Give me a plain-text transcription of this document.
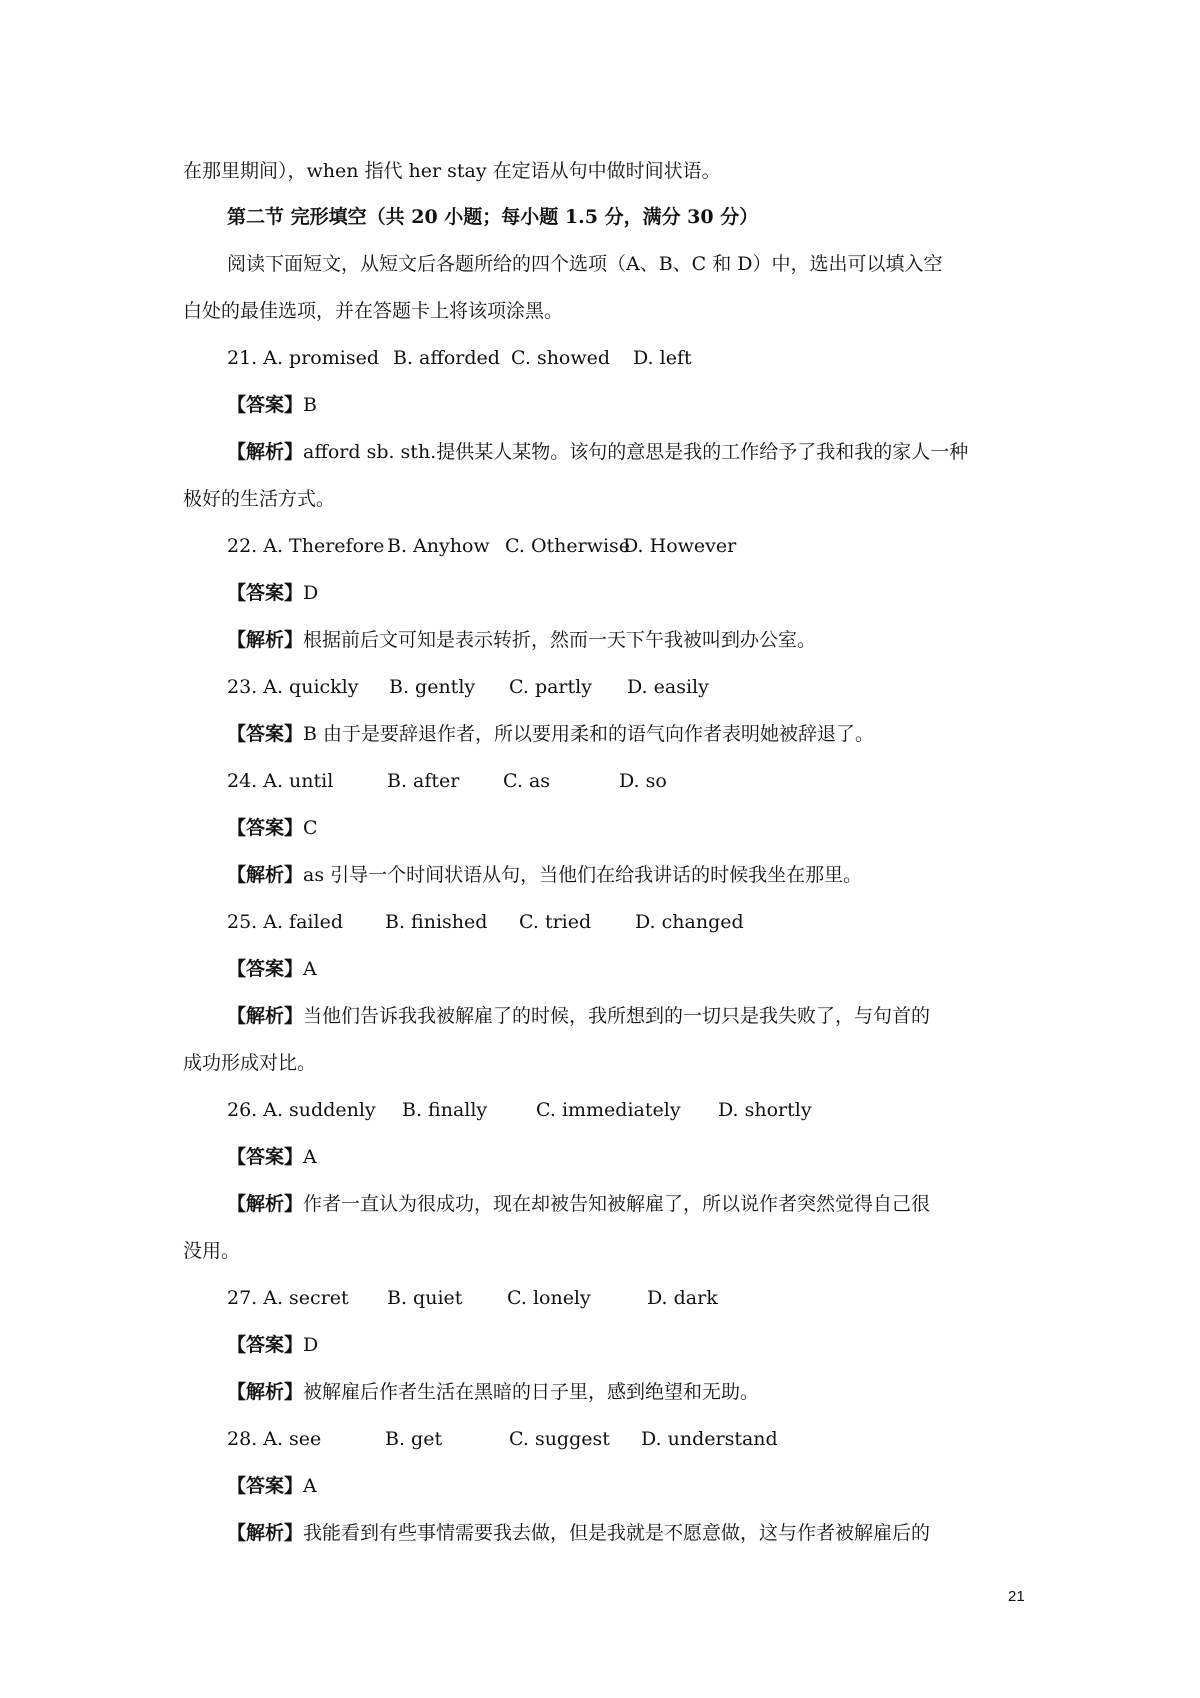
在那里期间），when 指代 her stay 在定语从句中做时间状语。
第二节 完形填空（共 20 小题；每小题 1.5 分，满分 30 分）
阅读下面短文，从短文后各题所给的四个选项（A、B、C 和 D）中，选出可以填入空
白处的最佳选项，并在答题卡上将该项涂黑。
21. A. promised B. afforded C. showed D. left
【答案】B
【解析】afford sb. sth.提供某人某物。该句的意思是我的工作给予了我和我的家人一种
极好的生活方式。
22. A. Therefore B. Anyhow C. OtherwiseD. However
【答案】D
【解析】根据前后文可知是表示转折，然而一天下午我被叫到办公室。
23. A. quickly B. gently C. partly D. easily
【答案】B 由于是要辞退作者，所以要用柔和的语气向作者表明她被辞退了。
24. A. until	B. after C. as	D. so
【答案】C
【解析】as 引导一个时间状语从句，当他们在给我讲话的时候我坐在那里。
25. A. failed B. finished C. tried D. changed
【答案】A
【解析】当他们告诉我我被解雇了的时候，我所想到的一切只是我失败了，与句首的
成功形成对比。
26. A. suddenly B. finally	C. immediately D. shortly
【答案】A
【解析】作者一直认为很成功，现在却被告知被解雇了，所以说作者突然觉得自己很
没用。
27. A. secret B. quiet C. lonely	D. dark
【答案】D
【解析】被解雇后作者生活在黑暗的日子里，感到绝望和无助。
28. A. see	B. get	C. suggest D. understand
【答案】A
【解析】我能看到有些事情需要我去做，但是我就是不愿意做，这与作者被解雇后的
21
